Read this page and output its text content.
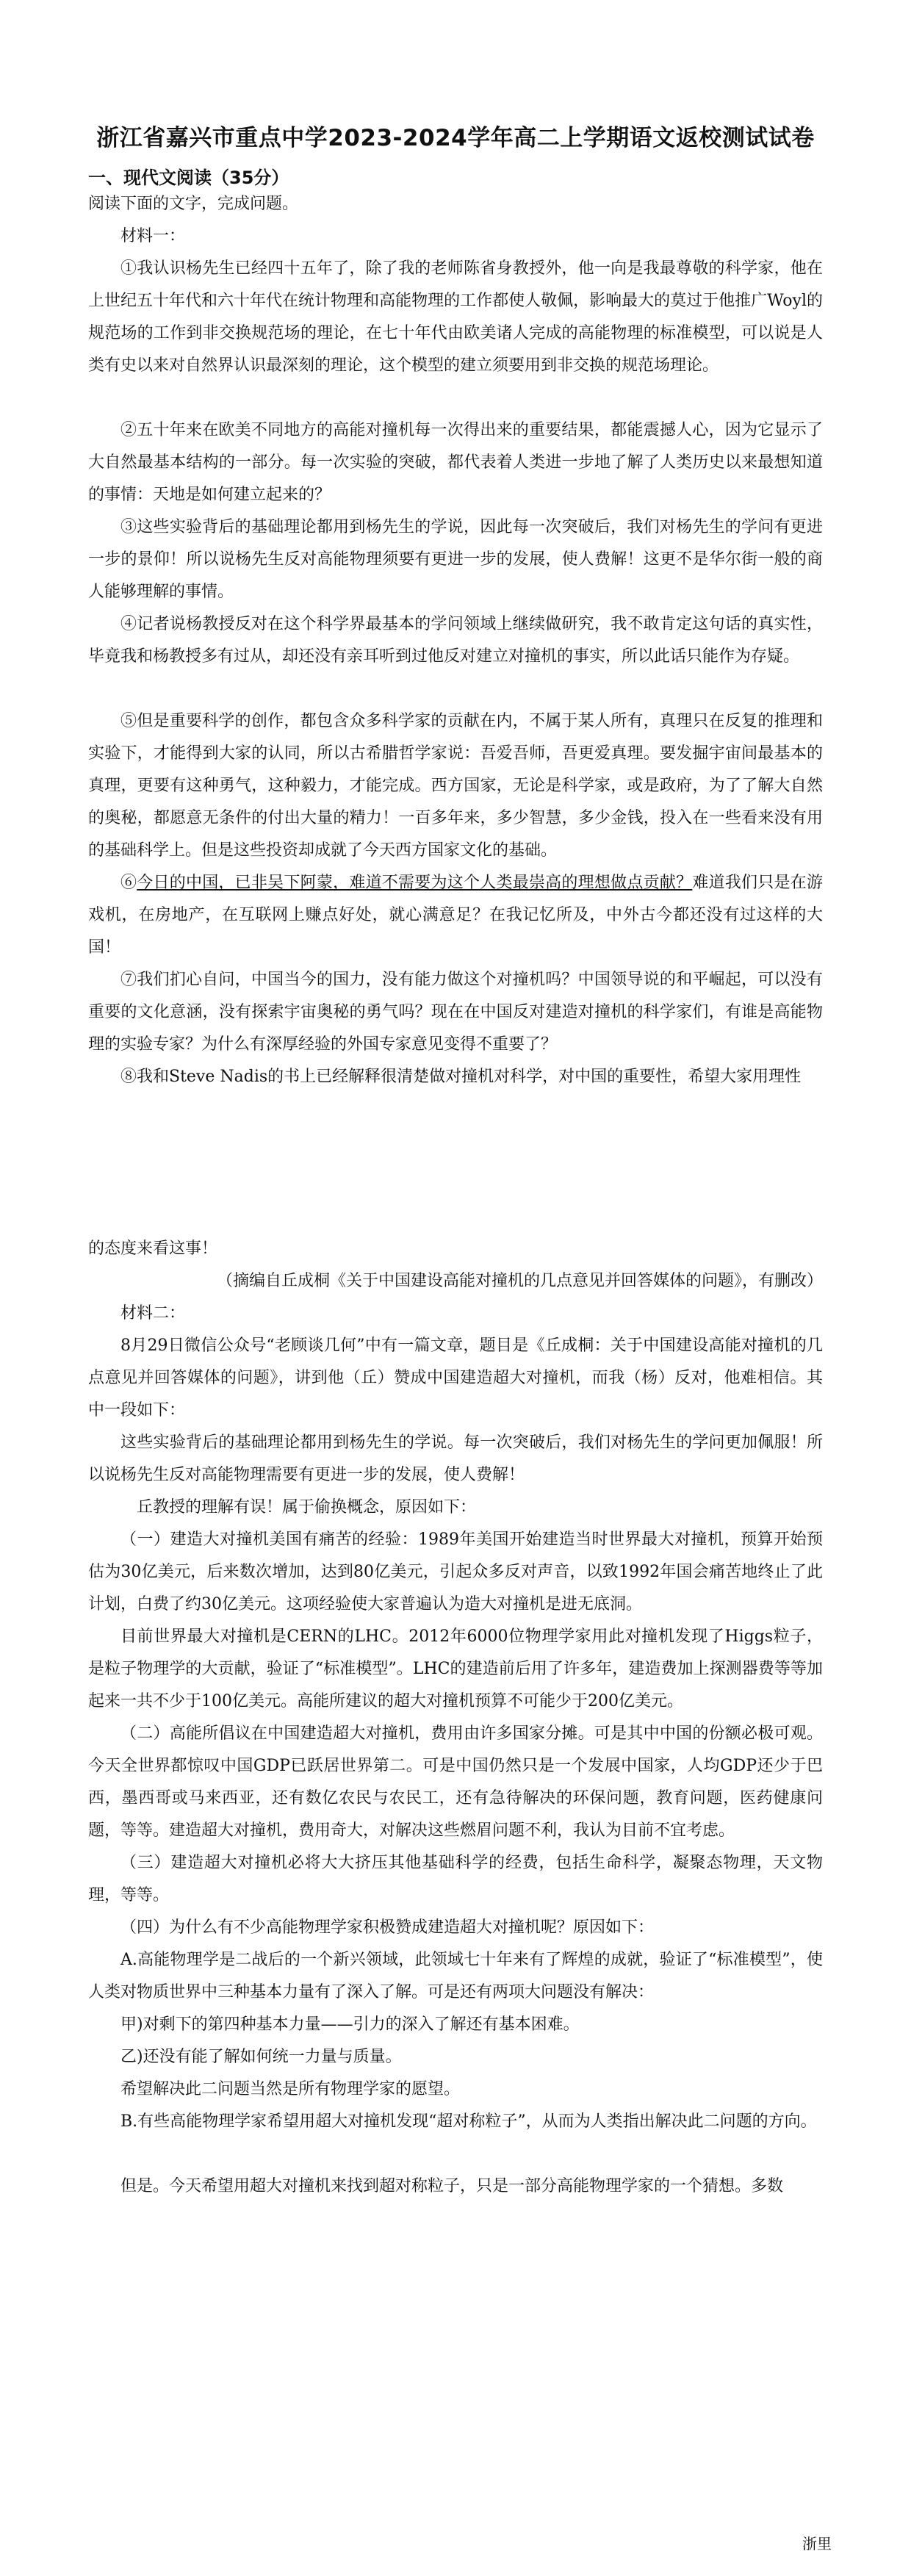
浙江省嘉兴市重点中学2023-2024学年高二上学期语文返校测试试卷
一、现代文阅读（35分）

阅读下面的文字，完成问题。

材料一：

①我认识杨先生已经四十五年了，除了我的老师陈省身教授外，他一向是我最尊敬的科学家，他在上世纪五十年代和六十年代在统计物理和高能物理的工作都使人敬佩，影响最大的莫过于他推广Woyl的规范场的工作到非交换规范场的理论，在七十年代由欧美诸人完成的高能物理的标准模型，可以说是人类有史以来对自然界认识最深刻的理论，这个模型的建立须要用到非交换的规范场理论。

②五十年来在欧美不同地方的高能对撞机每一次得出来的重要结果，都能震撼人心，因为它显示了大自然最基本结构的一部分。每一次实验的突破，都代表着人类进一步地了解了人类历史以来最想知道的事情：天地是如何建立起来的？

③这些实验背后的基础理论都用到杨先生的学说，因此每一次突破后，我们对杨先生的学问有更进一步的景仰！所以说杨先生反对高能物理须要有更进一步的发展，使人费解！这更不是华尔街一般的商人能够理解的事情。

④记者说杨教授反对在这个科学界最基本的学问领域上继续做研究，我不敢肯定这句话的真实性，毕竟我和杨教授多有过从，却还没有亲耳听到过他反对建立对撞机的事实，所以此话只能作为存疑。

⑤但是重要科学的创作，都包含众多科学家的贡献在内，不属于某人所有，真理只在反复的推理和实验下，才能得到大家的认同，所以古希腊哲学家说：吾爱吾师，吾更爱真理。要发掘宇宙间最基本的真理，更要有这种勇气，这种毅力，才能完成。西方国家，无论是科学家，或是政府，为了了解大自然的奥秘，都愿意无条件的付出大量的精力！一百多年来，多少智慧，多少金钱，投入在一些看来没有用的基础科学上。但是这些投资却成就了今天西方国家文化的基础。

⑥今日的中国，已非吴下阿蒙，难道不需要为这个人类最崇高的理想做点贡献？难道我们只是在游戏机，在房地产，在互联网上赚点好处，就心满意足？在我记忆所及，中外古今都还没有过这样的大国！

⑦我们扪心自问，中国当今的国力，没有能力做这个对撞机吗？中国领导说的和平崛起，可以没有重要的文化意涵，没有探索宇宙奥秘的勇气吗？现在在中国反对建造对撞机的科学家们，有谁是高能物理的实验专家？为什么有深厚经验的外国专家意见变得不重要了？

⑧我和Steve Nadis的书上已经解释很清楚做对撞机对科学，对中国的重要性，希望大家用理性

的态度来看这事！

（摘编自丘成桐《关于中国建设高能对撞机的几点意见并回答媒体的问题》，有删改）

材料二：

8月29日微信公众号“老顾谈几何”中有一篇文章，题目是《丘成桐：关于中国建设高能对撞机的几点意见并回答媒体的问题》，讲到他（丘）赞成中国建造超大对撞机，而我（杨）反对，他难相信。其中一段如下：

这些实验背后的基础理论都用到杨先生的学说。每一次突破后，我们对杨先生的学问更加佩服！所以说杨先生反对高能物理需要有更进一步的发展，使人费解！

丘教授的理解有误！属于偷换概念，原因如下：

（一）建造大对撞机美国有痛苦的经验：1989年美国开始建造当时世界最大对撞机，预算开始预估为30亿美元，后来数次增加，达到80亿美元，引起众多反对声音，以致1992年国会痛苦地终止了此计划，白费了约30亿美元。这项经验使大家普遍认为造大对撞机是进无底洞。

目前世界最大对撞机是CERN的LHC。2012年6000位物理学家用此对撞机发现了Higgs粒子，是粒子物理学的大贡献，验证了“标准模型”。LHC的建造前后用了许多年，建造费加上探测器费等等加起来一共不少于100亿美元。高能所建议的超大对撞机预算不可能少于200亿美元。

（二）高能所倡议在中国建造超大对撞机，费用由许多国家分摊。可是其中中国的份额必极可观。今天全世界都惊叹中国GDP已跃居世界第二。可是中国仍然只是一个发展中国家，人均GDP还少于巴西，墨西哥或马来西亚，还有数亿农民与农民工，还有急待解决的环保问题，教育问题，医药健康问题，等等。建造超大对撞机，费用奇大，对解决这些燃眉问题不利，我认为目前不宜考虑。

（三）建造超大对撞机必将大大挤压其他基础科学的经费，包括生命科学，凝聚态物理，天文物理，等等。

（四）为什么有不少高能物理学家积极赞成建造超大对撞机呢？原因如下：

A.高能物理学是二战后的一个新兴领域，此领域七十年来有了辉煌的成就，验证了“标准模型”，使人类对物质世界中三种基本力量有了深入了解。可是还有两项大问题没有解决：

甲)对剩下的第四种基本力量——引力的深入了解还有基本困难。

乙)还没有能了解如何统一力量与质量。

希望解决此二问题当然是所有物理学家的愿望。

B.有些高能物理学家希望用超大对撞机发现“超对称粒子”，从而为人类指出解决此二问题的方向。

但是。今天希望用超大对撞机来找到超对称粒子，只是一部分高能物理学家的一个猜想。多数

浙里
